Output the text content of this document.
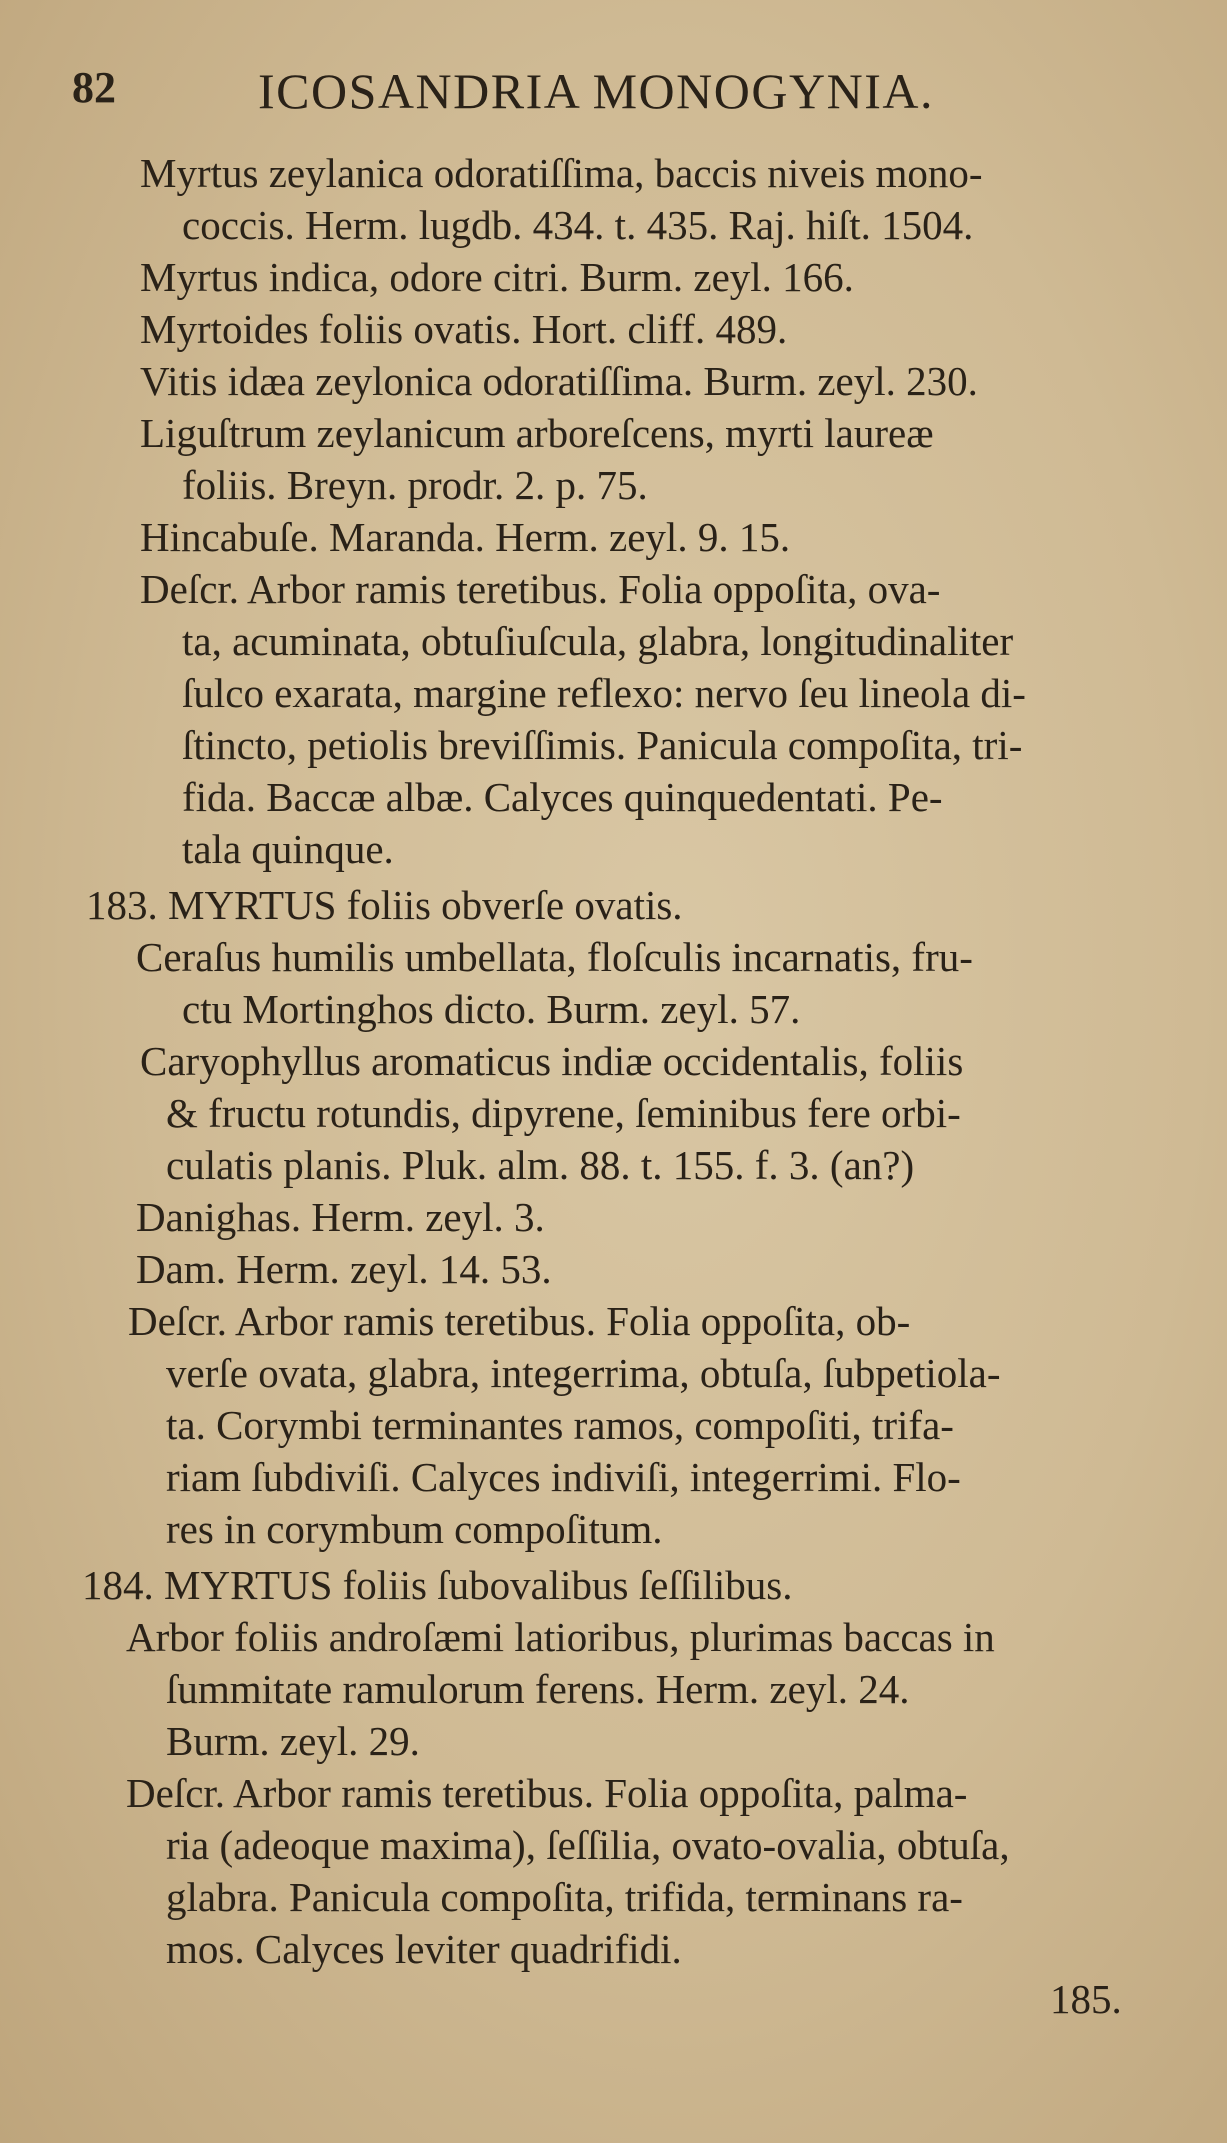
82	ICOSANDRIA MONOGYNIA.
Myrtus zeylanica odoratiſſima, baccis niveis mono-
coccis. Herm. lugdb. 434. t. 435. Raj. hiſt. 1504.
Myrtus indica, odore citri. Burm. zeyl. 166.
Myrtoides foliis ovatis. Hort. cliff. 489.
Vitis idæa zeylonica odoratiſſima. Burm. zeyl. 230.
Liguſtrum zeylanicum arboreſcens, myrti laureæ
foliis. Breyn. prodr. 2. p. 75.
Hincabuſe. Maranda. Herm. zeyl. 9. 15.
Deſcr. Arbor ramis teretibus. Folia oppoſita, ova-
ta, acuminata, obtuſiuſcula, glabra, longitudinaliter
ſulco exarata, margine reflexo: nervo ſeu lineola di-
ſtincto, petiolis breviſſimis. Panicula compoſita, tri-
fida. Baccæ albæ. Calyces quinquedentati. Pe-
tala quinque.
183. MYRTUS foliis obverſe ovatis.
Ceraſus humilis umbellata, floſculis incarnatis, fru-
ctu Mortinghos dicto. Burm. zeyl. 57.
Caryophyllus aromaticus indiæ occidentalis, foliis
& fructu rotundis, dipyrene, ſeminibus fere orbi-
culatis planis. Pluk. alm. 88. t. 155. f. 3. (an?)
Danighas. Herm. zeyl. 3.
Dam. Herm. zeyl. 14. 53.
Deſcr. Arbor ramis teretibus. Folia oppoſita, ob-
verſe ovata, glabra, integerrima, obtuſa, ſubpetiola-
ta. Corymbi terminantes ramos, compoſiti, trifa-
riam ſubdiviſi. Calyces indiviſi, integerrimi. Flo-
res in corymbum compoſitum.
184. MYRTUS foliis ſubovalibus ſeſſilibus.
Arbor foliis androſæmi latioribus, plurimas baccas in
ſummitate ramulorum ferens. Herm. zeyl. 24.
Burm. zeyl. 29.
Deſcr. Arbor ramis teretibus. Folia oppoſita, palma-
ria (adeoque maxima), ſeſſilia, ovato-ovalia, obtuſa,
glabra. Panicula compoſita, trifida, terminans ra-
mos. Calyces leviter quadrifidi.
185.
